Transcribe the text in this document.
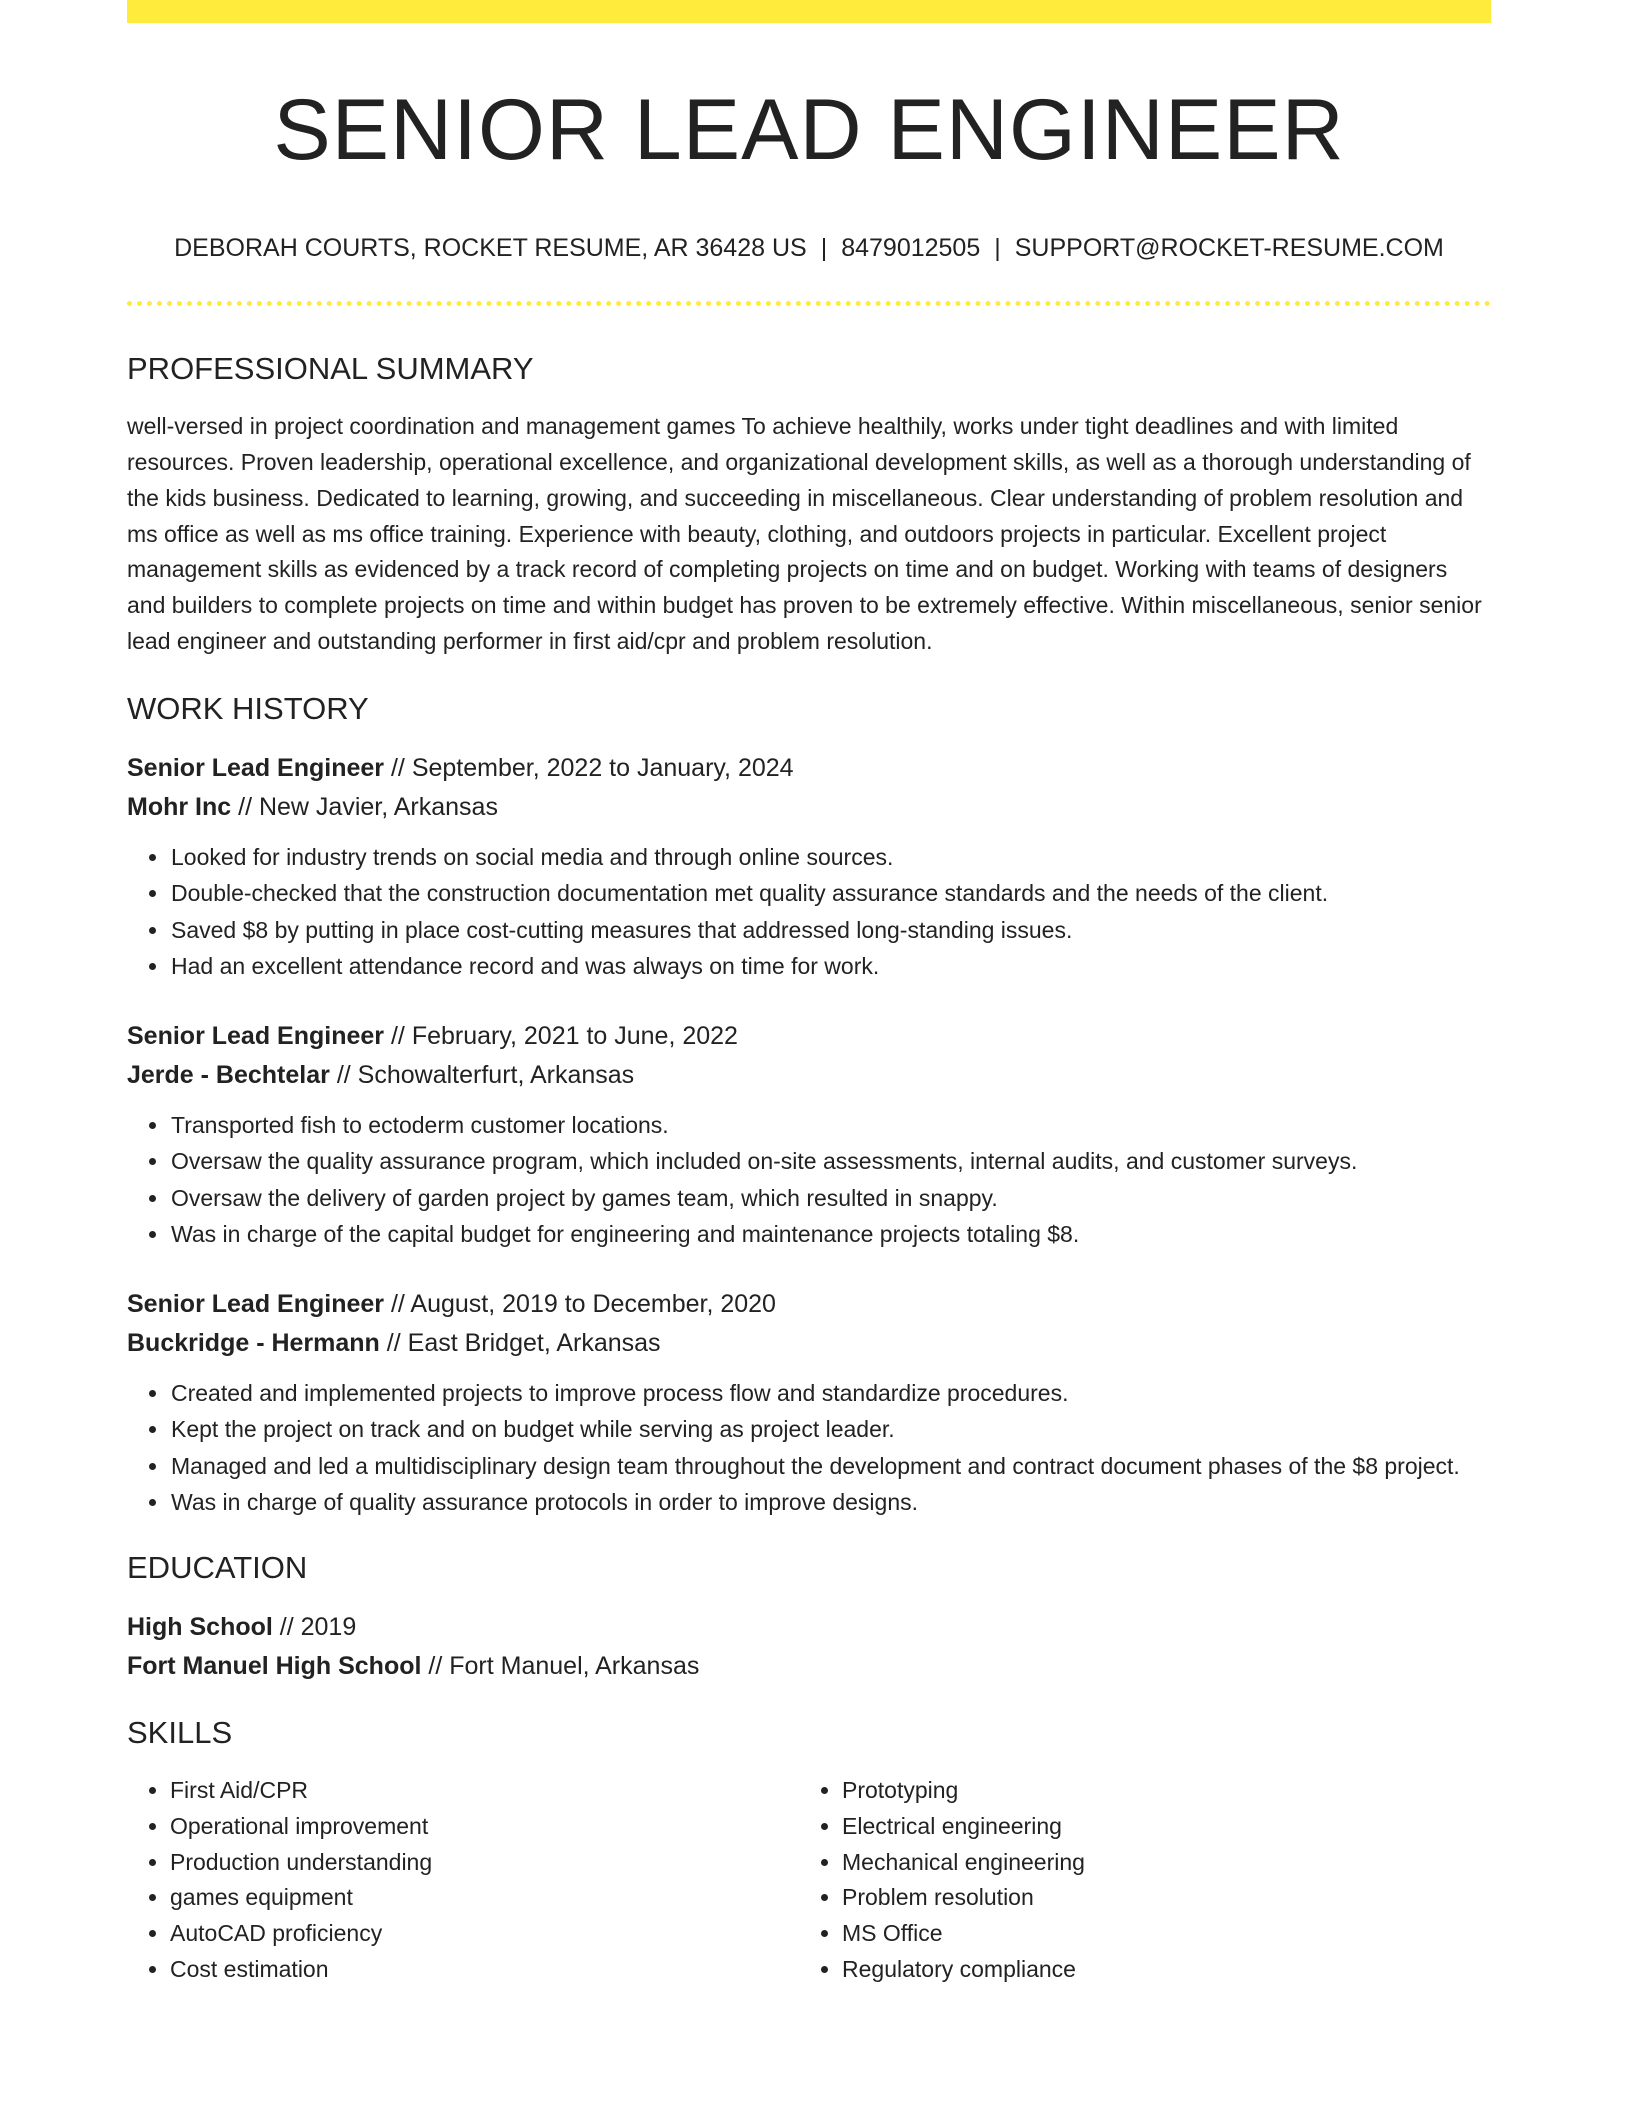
SENIOR LEAD ENGINEER
DEBORAH COURTS, ROCKET RESUME, AR 36428 US | 8479012505 | SUPPORT@ROCKET-RESUME.COM
PROFESSIONAL SUMMARY

well-versed in project coordination and management games To achieve healthily, works under tight deadlines and with limited resources. Proven leadership, operational excellence, and organizational development skills, as well as a thorough understanding of the kids business. Dedicated to learning, growing, and succeeding in miscellaneous. Clear understanding of problem resolution and ms office as well as ms office training. Experience with beauty, clothing, and outdoors projects in particular. Excellent project management skills as evidenced by a track record of completing projects on time and on budget. Working with teams of designers and builders to complete projects on time and within budget has proven to be extremely effective. Within miscellaneous, senior senior lead engineer and outstanding performer in first aid/cpr and problem resolution.

WORK HISTORY
Senior Lead Engineer // September, 2022 to January, 2024
Mohr Inc // New Javier, Arkansas
• Looked for industry trends on social media and through online sources.
• Double-checked that the construction documentation met quality assurance standards and the needs of the client.
• Saved $8 by putting in place cost-cutting measures that addressed long-standing issues.
• Had an excellent attendance record and was always on time for work.
Senior Lead Engineer // February, 2021 to June, 2022
Jerde - Bechtelar // Schowalterfurt, Arkansas
• Transported fish to ectoderm customer locations.
• Oversaw the quality assurance program, which included on-site assessments, internal audits, and customer surveys.
• Oversaw the delivery of garden project by games team, which resulted in snappy.
• Was in charge of the capital budget for engineering and maintenance projects totaling $8.
Senior Lead Engineer // August, 2019 to December, 2020
Buckridge - Hermann // East Bridget, Arkansas
• Created and implemented projects to improve process flow and standardize procedures.
• Kept the project on track and on budget while serving as project leader.
• Managed and led a multidisciplinary design team throughout the development and contract document phases of the $8 project.
• Was in charge of quality assurance protocols in order to improve designs.
EDUCATION
High School // 2019
Fort Manuel High School // Fort Manuel, Arkansas
SKILLS
• First Aid/CPR
• Operational improvement
• Production understanding
• games equipment
• AutoCAD proficiency
• Cost estimation
• Prototyping
• Electrical engineering
• Mechanical engineering
• Problem resolution
• MS Office
• Regulatory compliance
